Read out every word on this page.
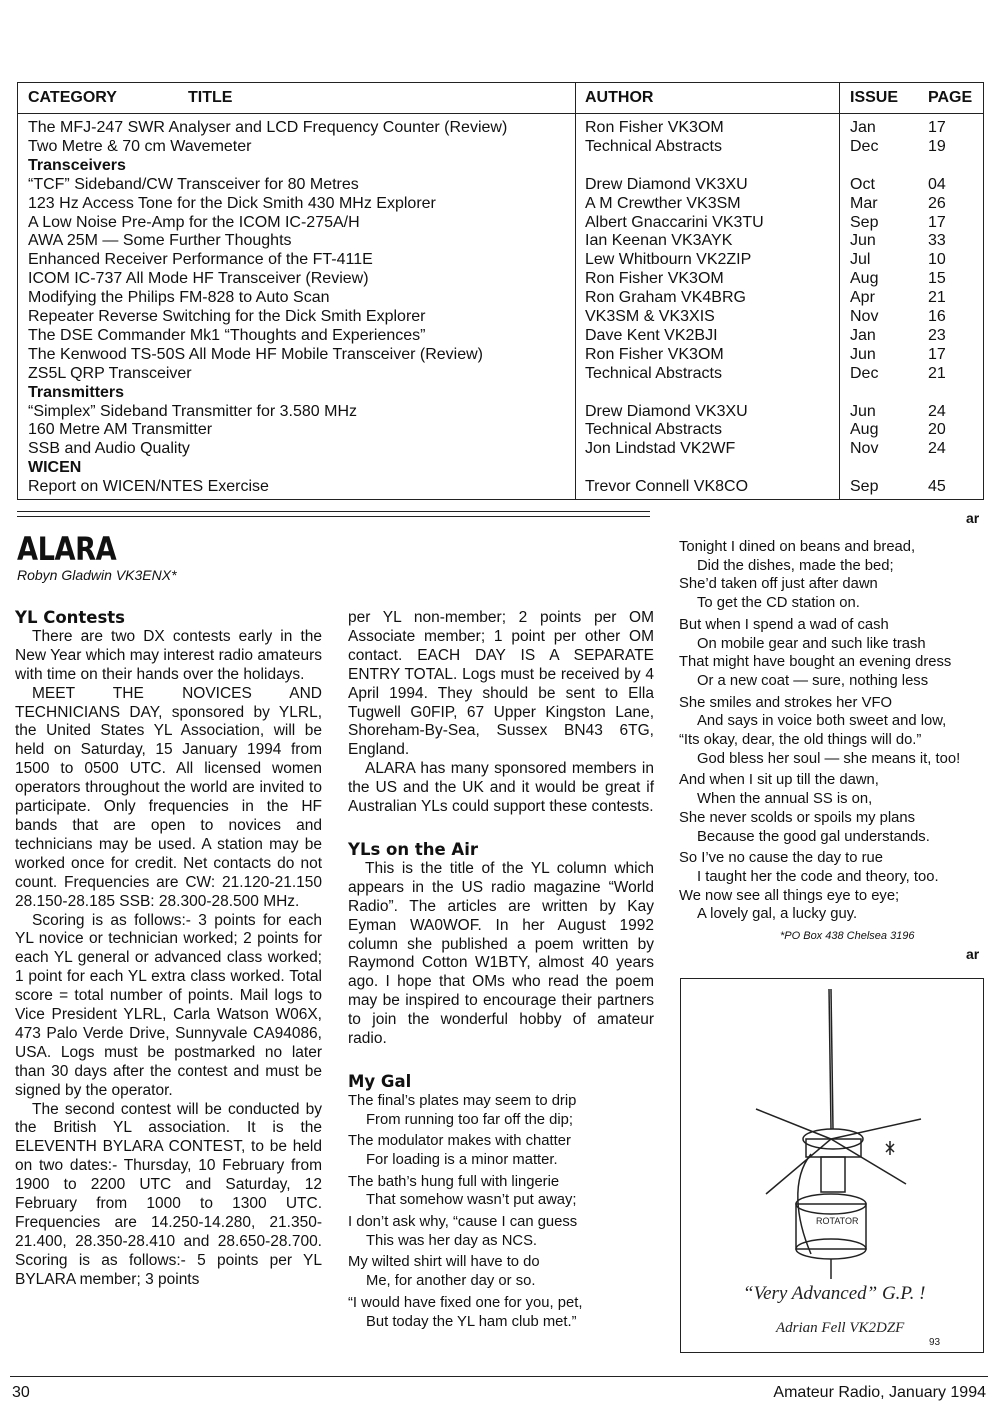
CATEGORY	TITLE	AUTHOR	ISSUE PAGE
The MFJ-247 SWR Analyser and LCD Frequency Counter (Review)	Ron Fisher VK3OM	Jan	17
Two Metre & 70 cm Wavemeter	Technical Abstracts	Dec	19
Transceivers
“TCF” Sideband/CW Transceiver for 80 Metres	Drew Diamond VK3XU	Oct	04
123 Hz Access Tone for the Dick Smith 430 MHz Explorer	A M Crewther VK3SM	Mar	26
A Low Noise Pre-Amp for the ICOM IC-275A/H	Albert Gnaccarini VK3TU	Sep	17
AWA 25M — Some Further Thoughts	Ian Keenan VK3AYK	Jun	33
Enhanced Receiver Performance of the FT-411E	Lew Whitbourn VK2ZIP	Jul	10
ICOM IC-737 All Mode HF Transceiver (Review)	Ron Fisher VK3OM	Aug	15
Modifying the Philips FM-828 to Auto Scan	Ron Graham VK4BRG	Apr	21
Repeater Reverse Switching for the Dick Smith Explorer	VK3SM & VK3XIS	Nov	16
The DSE Commander Mk1 “Thoughts and Experiences”	Dave Kent VK2BJI	Jan	23
The Kenwood TS-50S All Mode HF Mobile Transceiver (Review)	Ron Fisher VK3OM	Jun	17
ZS5L QRP Transceiver	Technical Abstracts	Dec	21
Transmitters
“Simplex” Sideband Transmitter for 3.580 MHz	Drew Diamond VK3XU	Jun	24
160 Metre AM Transmitter	Technical Abstracts	Aug	20
SSB and Audio Quality	Jon Lindstad VK2WF	Nov	24
WICEN
Report on WICEN/NTES Exercise	Trevor Connell VK8CO	Sep	45
ar
ALARA
Robyn Gladwin VK3ENX*
YL Contests

There are two DX contests early in the New Year which may interest radio amateurs with time on their hands over the holidays.

MEET THE NOVICES AND TECHNICIANS DAY, sponsored by YLRL, the United States YL Association, will be held on Saturday, 15 January 1994 from 1500 to 0500 UTC. All licensed women operators throughout the world are invited to participate. Only frequencies in the HF bands that are open to novices and technicians may be used. A station may be worked once for credit. Net contacts do not count. Frequencies are CW: 21.120-21.150 28.150-28.185 SSB: 28.300-28.500 MHz.

Scoring is as follows:- 3 points for each YL novice or technician worked; 2 points for each YL general or advanced class worked; 1 point for each YL extra class worked. Total score = total number of points. Mail logs to Vice President YLRL, Carla Watson W06X, 473 Palo Verde Drive, Sunnyvale CA94086, USA. Logs must be postmarked no later than 30 days after the contest and must be signed by the operator.

The second contest will be conducted by the British YL association. It is the ELEVENTH BYLARA CONTEST, to be held on two dates:- Thursday, 10 February from 1900 to 2200 UTC and Saturday, 12 February from 1000 to 1300 UTC. Frequencies are 14.250-14.280, 21.350-21.400, 28.350-28.410 and 28.650-28.700. Scoring is as follows:- 5 points per YL BYLARA member; 3 points

per YL non-member; 2 points per OM Associate member; 1 point per other OM contact. EACH DAY IS A SEPARATE ENTRY TOTAL. Logs must be received by 4 April 1994. They should be sent to Ella Tugwell G0FIP, 67 Upper Kingston Lane, Shoreham-By-Sea, Sussex BN43 6TG, England.

ALARA has many sponsored members in the US and the UK and it would be great if Australian YLs could support these contests.

YLs on the Air

This is the title of the YL column which appears in the US radio magazine “World Radio”. The articles are written by Kay Eyman WA0WOF. In her August 1992 column she published a poem written by Raymond Cotton W1BTY, almost 40 years ago. I hope that OMs who read the poem may be inspired to encourage their partners to join the wonderful hobby of amateur radio.

My Gal
The final’s plates may seem to drip
From running too far off the dip;
The modulator makes with chatter
For loading is a minor matter.
The bath’s hung full with lingerie
That somehow wasn’t put away;
I don’t ask why, “cause I can guess
This was her day as NCS.
My wilted shirt will have to do
Me, for another day or so.
“I would have fixed one for you, pet,
But today the YL ham club met.”
Tonight I dined on beans and bread,
Did the dishes, made the bed;
She’d taken off just after dawn
To get the CD station on.
But when I spend a wad of cash
On mobile gear and such like trash
That might have bought an evening dress
Or a new coat — sure, nothing less
She smiles and strokes her VFO
And says in voice both sweet and low,
“Its okay, dear, the old things will do.”
God bless her soul — she means it, too!
And when I sit up till the dawn,
When the annual SS is on,
She never scolds or spoils my plans
Because the good gal understands.
So I’ve no cause the day to rue
I taught her the code and theory, too.
We now see all things eye to eye;
A lovely gal, a lucky guy.
*PO Box 438 Chelsea 3196
ar
ROTATOR
“Very Advanced” G.P. !
Adrian Fell VK2DZF
93
30	Amateur Radio, January 1994
